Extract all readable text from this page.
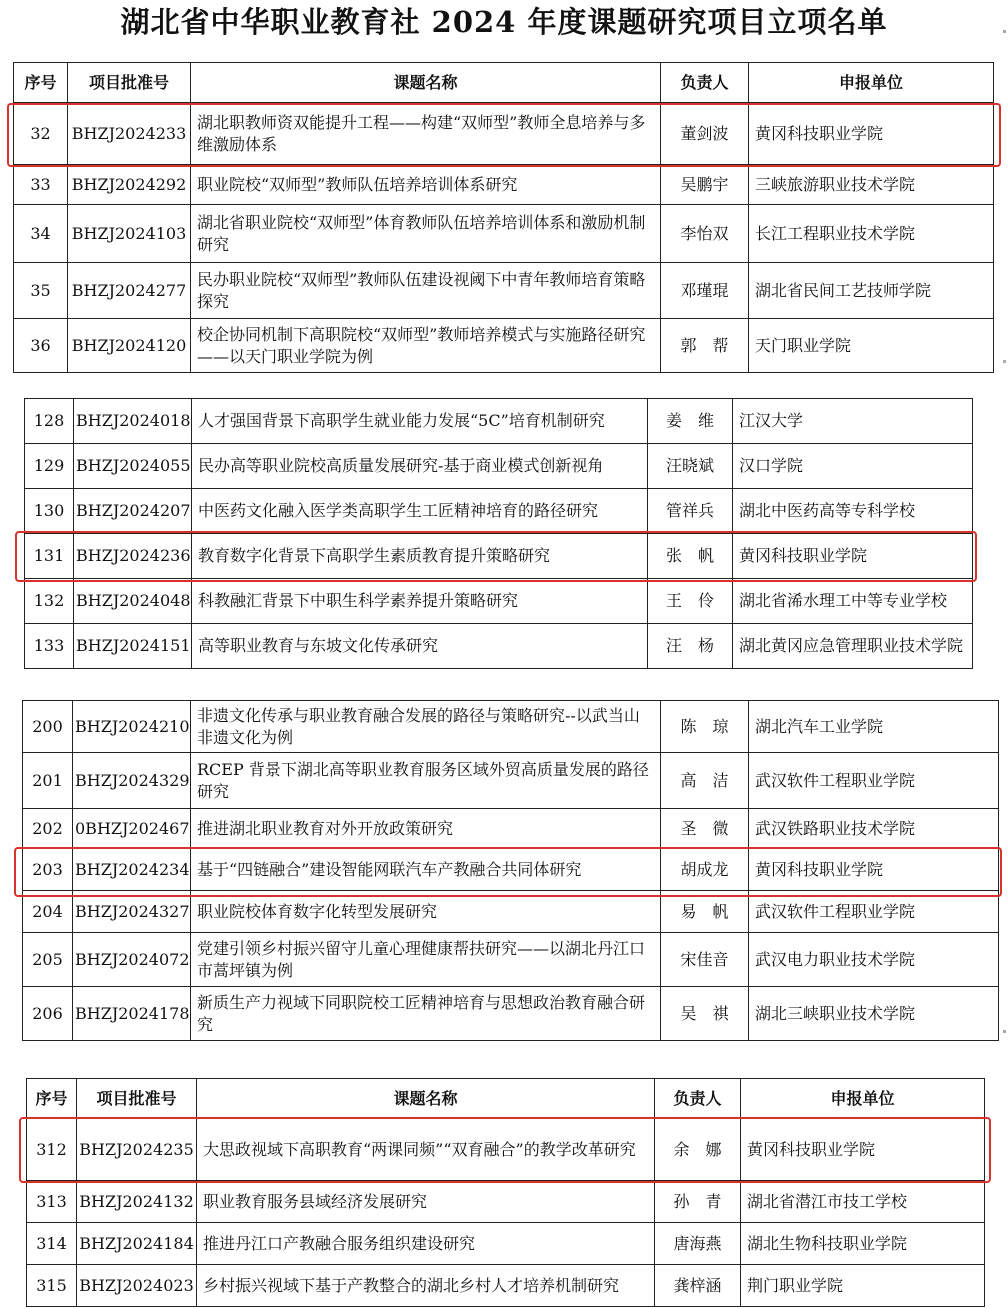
湖北省中华职业教育社 2024 年度课题研究项目立项名单
序号	项目批准号	课题名称	负责人	申报单位
32	BHZJ2024233	湖北职教师资双能提升工程——构建“双师型”教师全息培养与多维激励体系	董剑波	黄冈科技职业学院
33	BHZJ2024292	职业院校“双师型”教师队伍培养培训体系研究	吴鹏宇	三峡旅游职业技术学院
34	BHZJ2024103	湖北省职业院校“双师型”体育教师队伍培养培训体系和激励机制研究	李怡双	长江工程职业技术学院
35	BHZJ2024277	民办职业院校“双师型”教师队伍建设视阈下中青年教师培育策略探究	邓瑾琨	湖北省民间工艺技师学院
36	BHZJ2024120	校企协同机制下高职院校“双师型”教师培养模式与实施路径研究——以天门职业学院为例	郭　帮	天门职业学院
128	BHZJ2024018	人才强国背景下高职学生就业能力发展“5C”培育机制研究	姜　维	江汉大学
129	BHZJ2024055	民办高等职业院校高质量发展研究-基于商业模式创新视角	汪晓斌	汉口学院
130	BHZJ2024207	中医药文化融入医学类高职学生工匠精神培育的路径研究	管祥兵	湖北中医药高等专科学校
131	BHZJ2024236	教育数字化背景下高职学生素质教育提升策略研究	张　帆	黄冈科技职业学院
132	BHZJ2024048	科教融汇背景下中职生科学素养提升策略研究	王　伶	湖北省浠水理工中等专业学校
133	BHZJ2024151	高等职业教育与东坡文化传承研究	汪　杨	湖北黄冈应急管理职业技术学院
200	BHZJ2024210	非遗文化传承与职业教育融合发展的路径与策略研究--以武当山非遗文化为例	陈　琼	湖北汽车工业学院
201	BHZJ2024329	RCEP 背景下湖北高等职业教育服务区域外贸高质量发展的路径研究	高　洁	武汉软件工程职业学院
202	0BHZJ202467	推进湖北职业教育对外开放政策研究	圣　微	武汉铁路职业技术学院
203	BHZJ2024234	基于“四链融合”建设智能网联汽车产教融合共同体研究	胡成龙	黄冈科技职业学院
204	BHZJ2024327	职业院校体育数字化转型发展研究	易　帆	武汉软件工程职业学院
205	BHZJ2024072	党建引领乡村振兴留守儿童心理健康帮扶研究——以湖北丹江口市蒿坪镇为例	宋佳音	武汉电力职业技术学院
206	BHZJ2024178	新质生产力视域下同职院校工匠精神培育与思想政治教育融合研究	吴　祺	湖北三峡职业技术学院
序号	项目批准号	课题名称	负责人	申报单位
312	BHZJ2024235	大思政视域下高职教育“两课同频”“双育融合”的教学改革研究	余　娜	黄冈科技职业学院
313	BHZJ2024132	职业教育服务县域经济发展研究	孙　青	湖北省潜江市技工学校
314	BHZJ2024184	推进丹江口产教融合服务组织建设研究	唐海燕	湖北生物科技职业学院
315	BHZJ2024023	乡村振兴视域下基于产教整合的湖北乡村人才培养机制研究	龚梓涵	荆门职业学院
